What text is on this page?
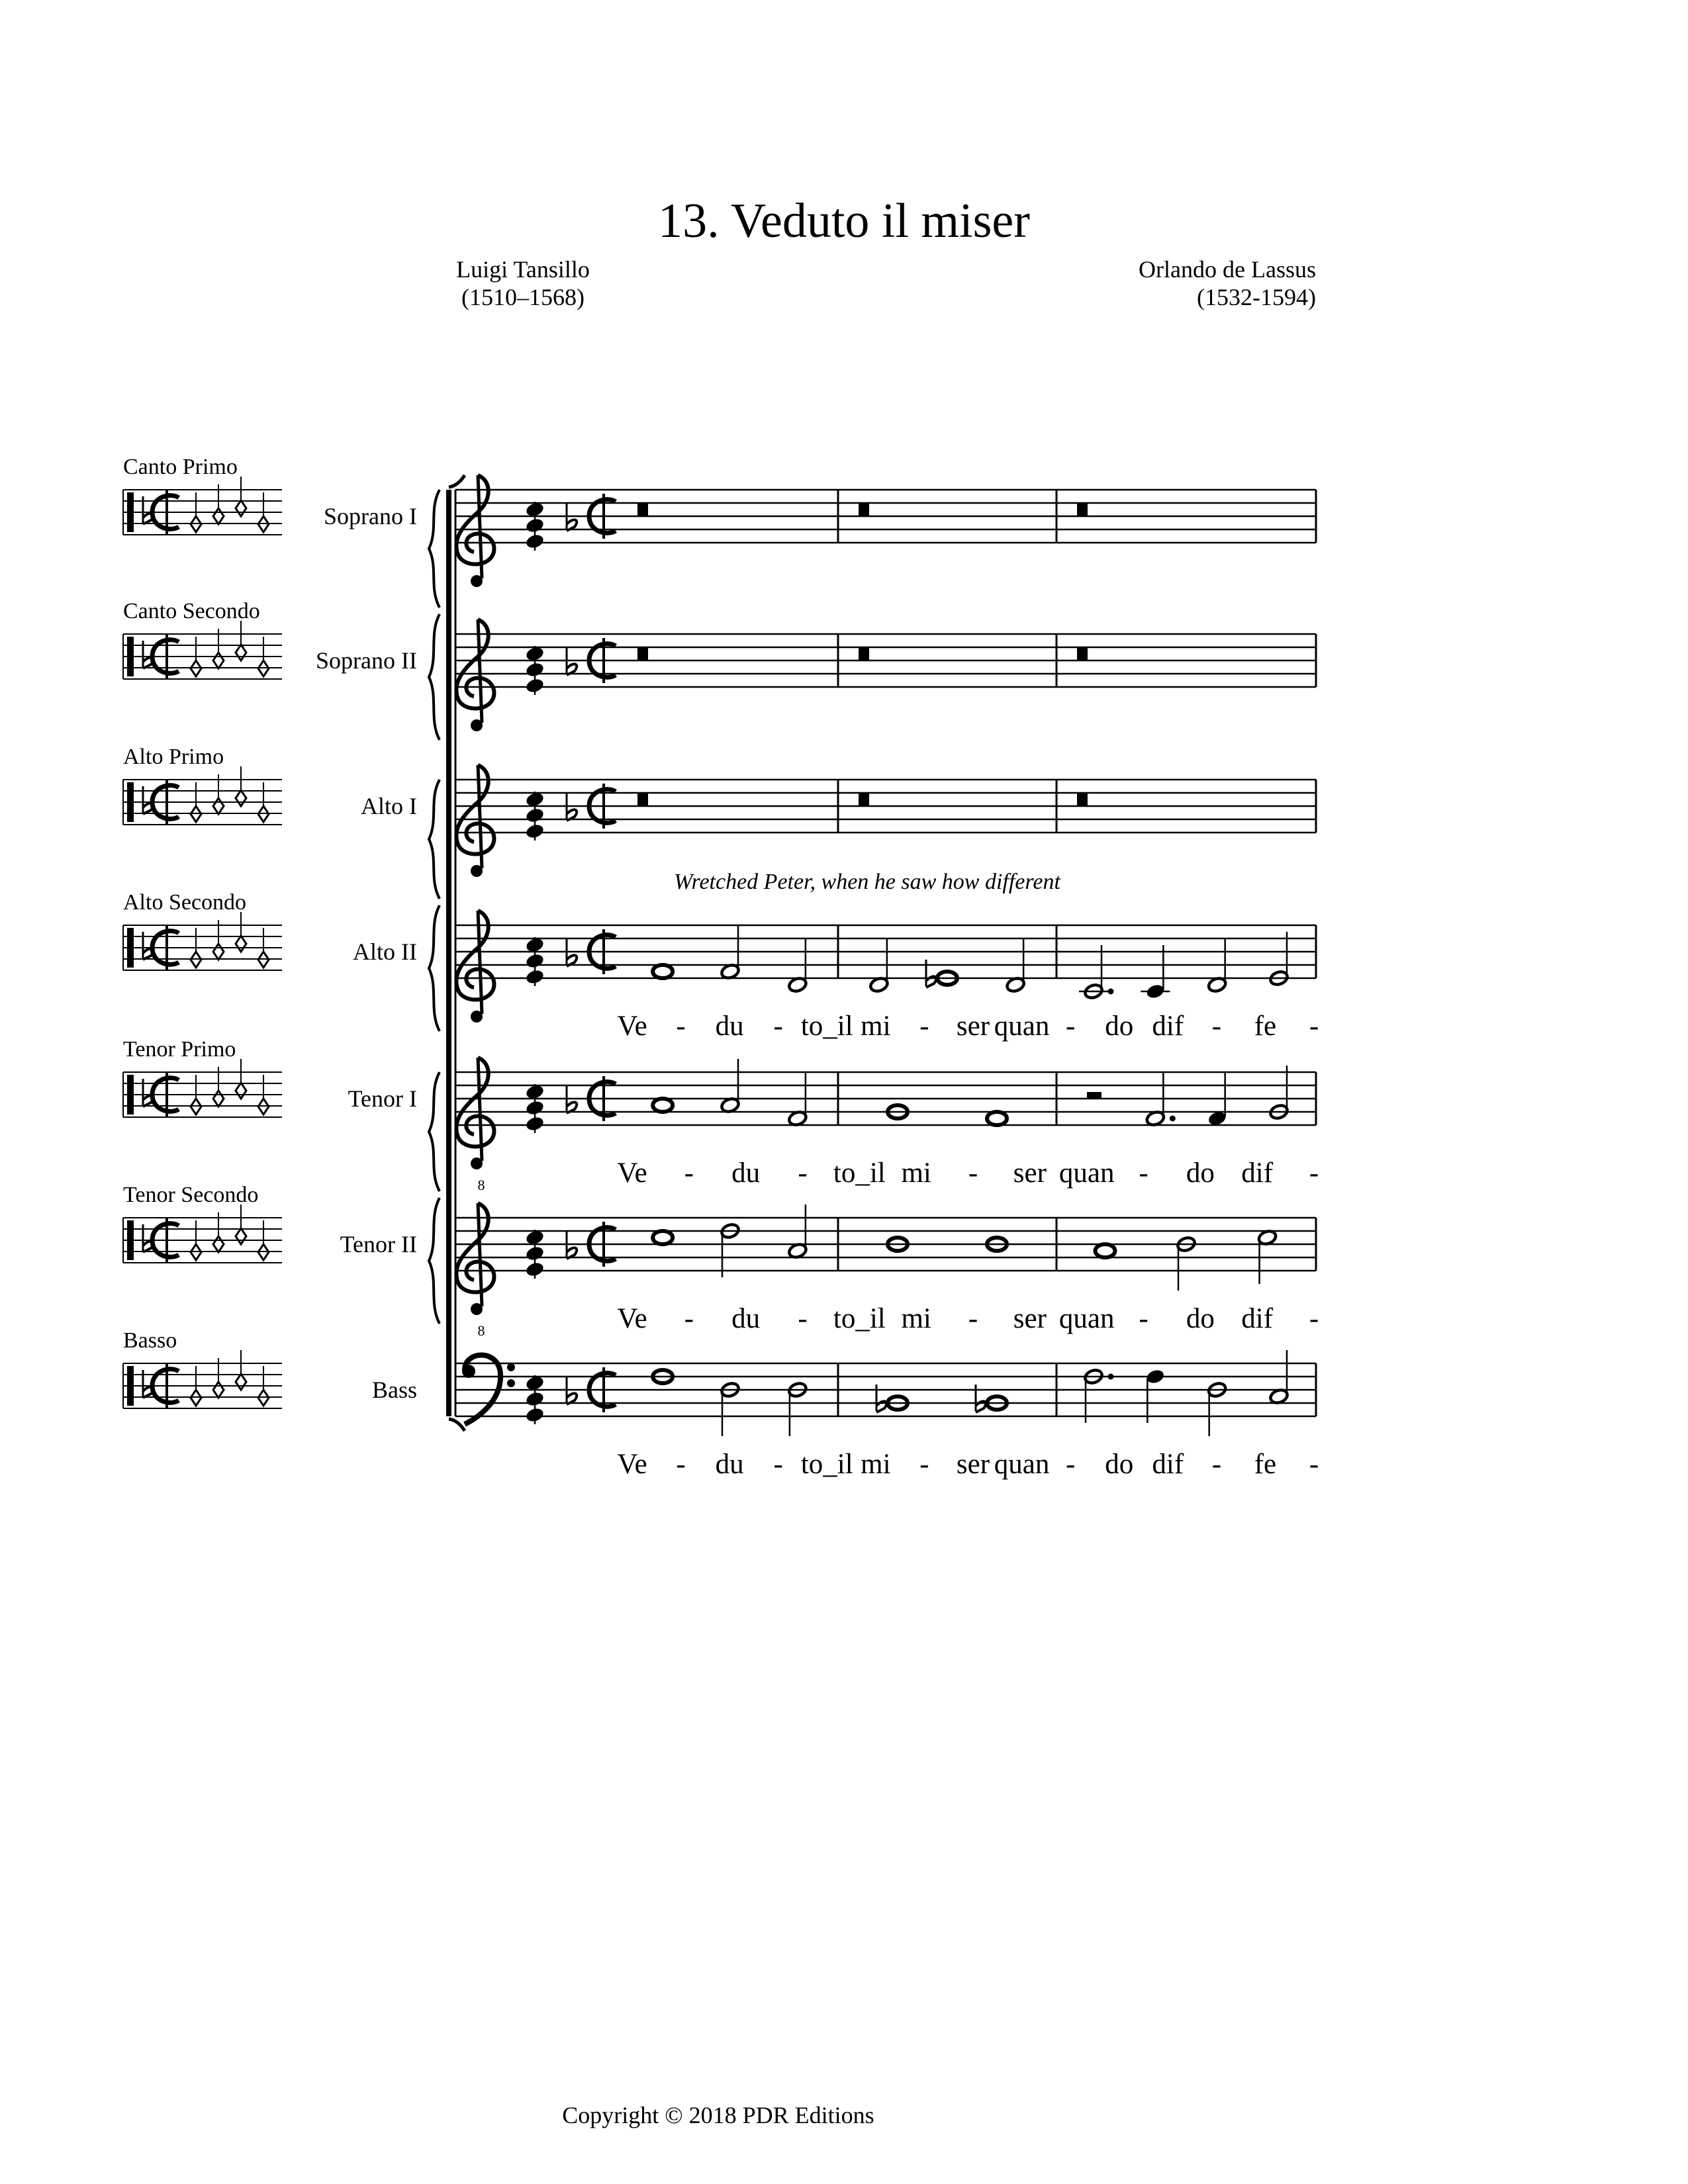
13. Veduto il miser
Luigi Tansillo
(1510–1568)
Orlando de Lassus
(1532-1594)
Soprano I
Soprano II
Alto I
Alto II
Ve - du - to_il mi - ser quan - do dif - fe -
Tenor I
8	Ve - du - to_il mi - ser quan - do dif -
Tenor II
8	Ve - du - to_il mi - ser quan - do dif -
Bass
Ve - du - to_il mi - ser quan - do dif - fe -
Canto Primo
Canto Secondo
Alto Primo
Alto Secondo
Tenor Primo
Tenor Secondo
Basso
Wretched Peter, when he saw how different
Copyright © 2018 PDR Editions
